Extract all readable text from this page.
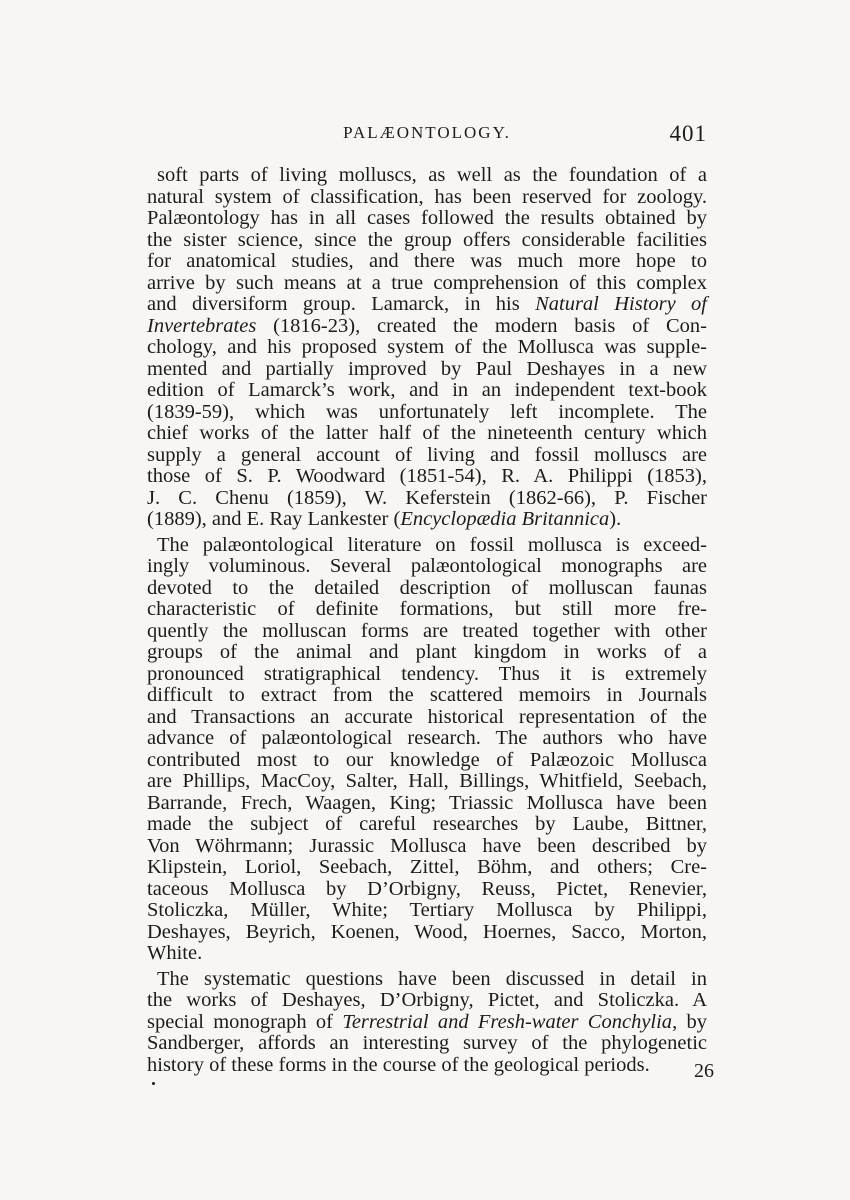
PALÆONTOLOGY.	401
soft parts of living molluscs, as well as the foundation of a
natural system of classification, has been reserved for zoology.
Palæontology has in all cases followed the results obtained by
the sister science, since the group offers considerable facilities
for anatomical studies, and there was much more hope to
arrive by such means at a true comprehension of this complex
and diversiform group. Lamarck, in his Natural History of
Invertebrates (1816-23), created the modern basis of Con-
chology, and his proposed system of the Mollusca was supple-
mented and partially improved by Paul Deshayes in a new
edition of Lamarck’s work, and in an independent text-book
(1839-59), which was unfortunately left incomplete. The
chief works of the latter half of the nineteenth century which
supply a general account of living and fossil molluscs are
those of S. P. Woodward (1851-54), R. A. Philippi (1853),
J. C. Chenu (1859), W. Keferstein (1862-66), P. Fischer
(1889), and E. Ray Lankester (Encyclopædia Britannica).
The palæontological literature on fossil mollusca is exceed-
ingly voluminous. Several palæontological monographs are
devoted to the detailed description of molluscan faunas
characteristic of definite formations, but still more fre-
quently the molluscan forms are treated together with other
groups of the animal and plant kingdom in works of a
pronounced stratigraphical tendency. Thus it is extremely
difficult to extract from the scattered memoirs in Journals
and Transactions an accurate historical representation of the
advance of palæontological research. The authors who have
contributed most to our knowledge of Palæozoic Mollusca
are Phillips, MacCoy, Salter, Hall, Billings, Whitfield, Seebach,
Barrande, Frech, Waagen, King; Triassic Mollusca have been
made the subject of careful researches by Laube, Bittner,
Von Wöhrmann; Jurassic Mollusca have been described by
Klipstein, Loriol, Seebach, Zittel, Böhm, and others; Cre-
taceous Mollusca by D’Orbigny, Reuss, Pictet, Renevier,
Stoliczka, Müller, White; Tertiary Mollusca by Philippi,
Deshayes, Beyrich, Koenen, Wood, Hoernes, Sacco, Morton,
White.
The systematic questions have been discussed in detail in
the works of Deshayes, D’Orbigny, Pictet, and Stoliczka. A
special monograph of Terrestrial and Fresh-water Conchylia, by
Sandberger, affords an interesting survey of the phylogenetic
history of these forms in the course of the geological periods.	26
